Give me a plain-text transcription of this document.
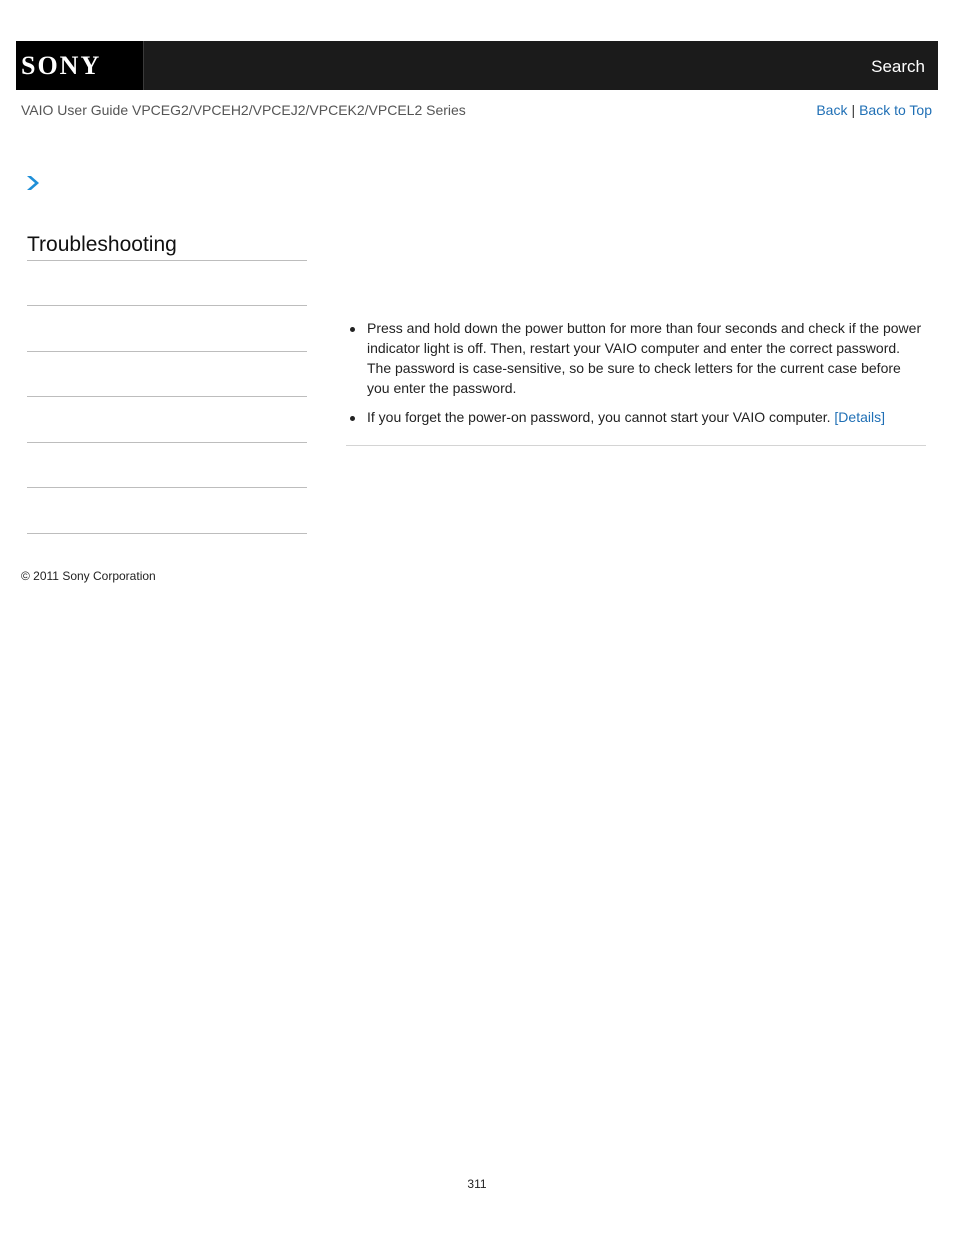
SONY	Search
VAIO User Guide VPCEG2/VPCEH2/VPCEJ2/VPCEK2/VPCEL2 Series	Back | Back to Top
Troubleshooting
Press and hold down the power button for more than four seconds and check if the power indicator light is off. Then, restart your VAIO computer and enter the correct password. The password is case-sensitive, so be sure to check letters for the current case before you enter the password.
If you forget the power-on password, you cannot start your VAIO computer. [Details]
© 2011 Sony Corporation
311
